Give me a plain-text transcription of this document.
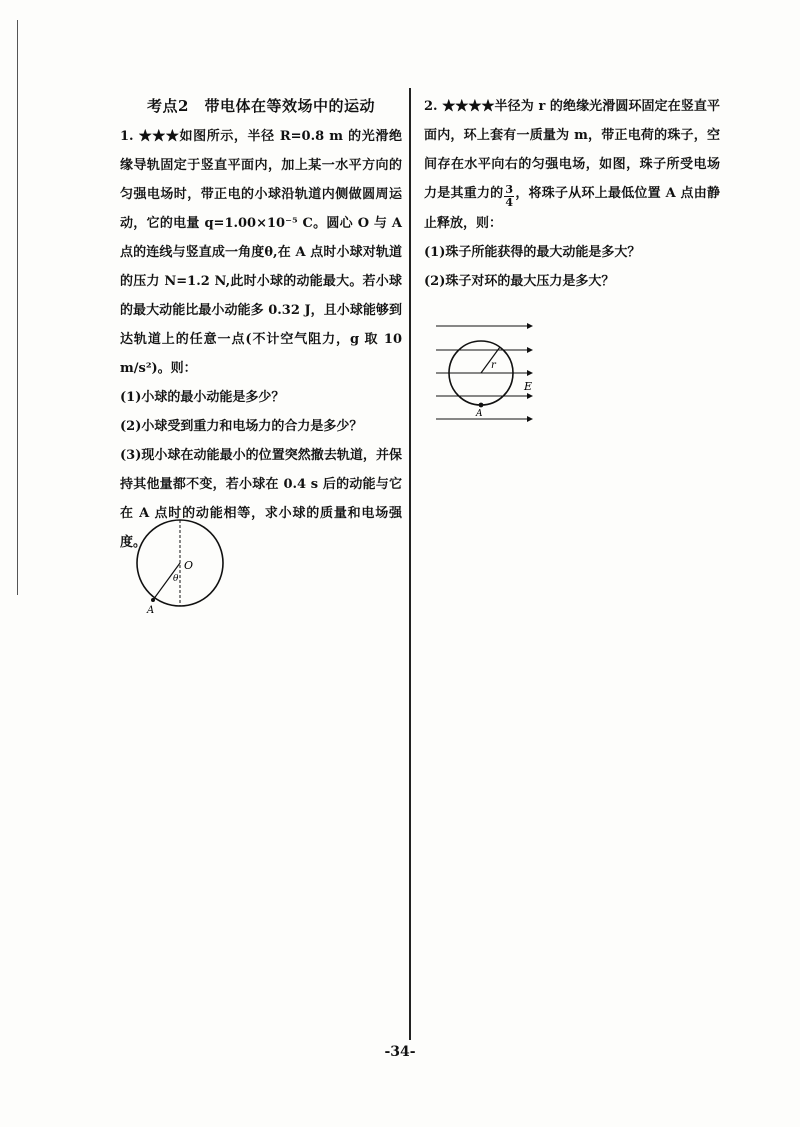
考点2　带电体在等效场中的运动

1. ★★★如图所示，半径 R=0.8 m 的光滑绝缘导轨固定于竖直平面内，加上某一水平方向的匀强电场时，带正电的小球沿轨道内侧做圆周运动，它的电量 q=1.00×10⁻⁵ C。圆心 O 与 A 点的连线与竖直成一角度θ,在 A 点时小球对轨道的压力 N=1.2 N,此时小球的动能最大。若小球的最大动能比最小动能多 0.32 J，且小球能够到达轨道上的任意一点(不计空气阻力，g 取 10 m/s²)。则：

(1)小球的最小动能是多少？

(2)小球受到重力和电场力的合力是多少？

(3)现小球在动能最小的位置突然撤去轨道，并保持其他量都不变，若小球在 0.4 s 后的动能与它在 A 点时的动能相等，求小球的质量和电场强度。

O
θ
A

2. ★★★★半径为 r 的绝缘光滑圆环固定在竖直平面内，环上套有一质量为 m，带正电荷的珠子，空间存在水平向右的匀强电场，如图，珠子所受电场力是其重力的 $\frac{3}{4}$ ，将珠子从环上最低位置 A 点由静止释放，则：

(1)珠子所能获得的最大动能是多大？

(2)珠子对环的最大压力是多大？

r
E
A
-34-
